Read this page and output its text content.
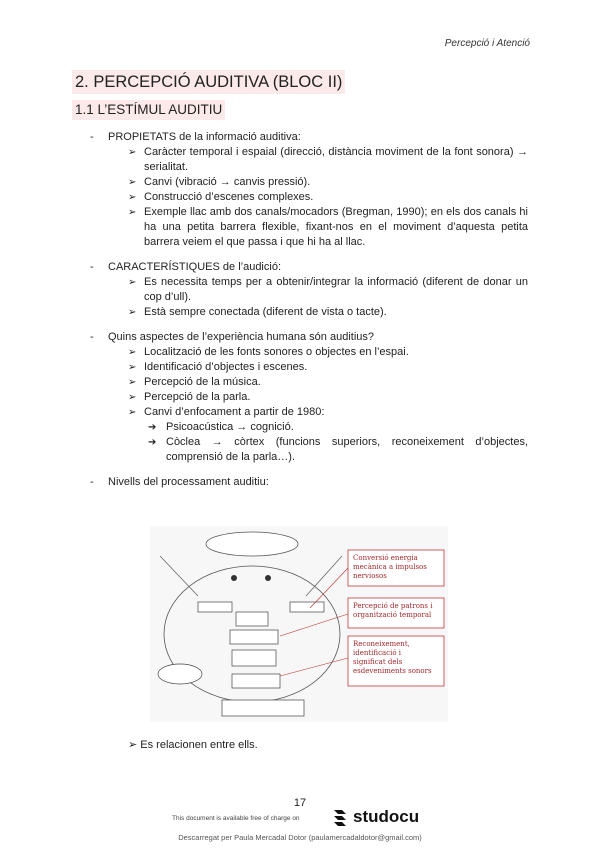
Percepció i Atenció
2. PERCEPCIÓ AUDITIVA (BLOC II)
1.1 L’ESTÍMUL AUDITIU
- PROPIETATS de la informació auditiva:
➢ Caràcter temporal i espaial (direcció, distància moviment de la font sonora) → serialitat.
➢ Canvi (vibració → canvis pressió).
➢ Construcció d’escenes complexes.
➢ Exemple llac amb dos canals/mocadors (Bregman, 1990); en els dos canals hi ha una petita barrera flexible, fixant-nos en el moviment d’aquesta petita barrera veiem el que passa i que hi ha al llac.
- CARACTERÍSTIQUES de l’audició:
➢ Es necessita temps per a obtenir/integrar la informació (diferent de donar un cop d’ull).
➢ Està sempre conectada (diferent de vista o tacte).
- Quins aspectes de l’experiència humana són auditius?
➢ Localització de les fonts sonores o objectes en l’espai.
➢ Identificació d’objectes i escenes.
➢ Percepció de la música.
➢ Percepció de la parla.
➢ Canvi d’enfocament a partir de 1980:
➔ Psicoacústica → cognició.
➔ Còclea → còrtex (funcions superiors, reconeixement d’objectes, comprensió de la parla…).
- Nivells del processament auditiu:
Conversió energia mecànica a impulsos nerviosos
Percepció de patrons i organització temporal
Reconeixement, identificació i significat dels esdeveniments sonors
➢ Es relacionen entre ells.
17
This document is available free of charge on	studocu
Descarregat per Paula Mercadal Dotor (paulamercadaldotor@gmail.com)
